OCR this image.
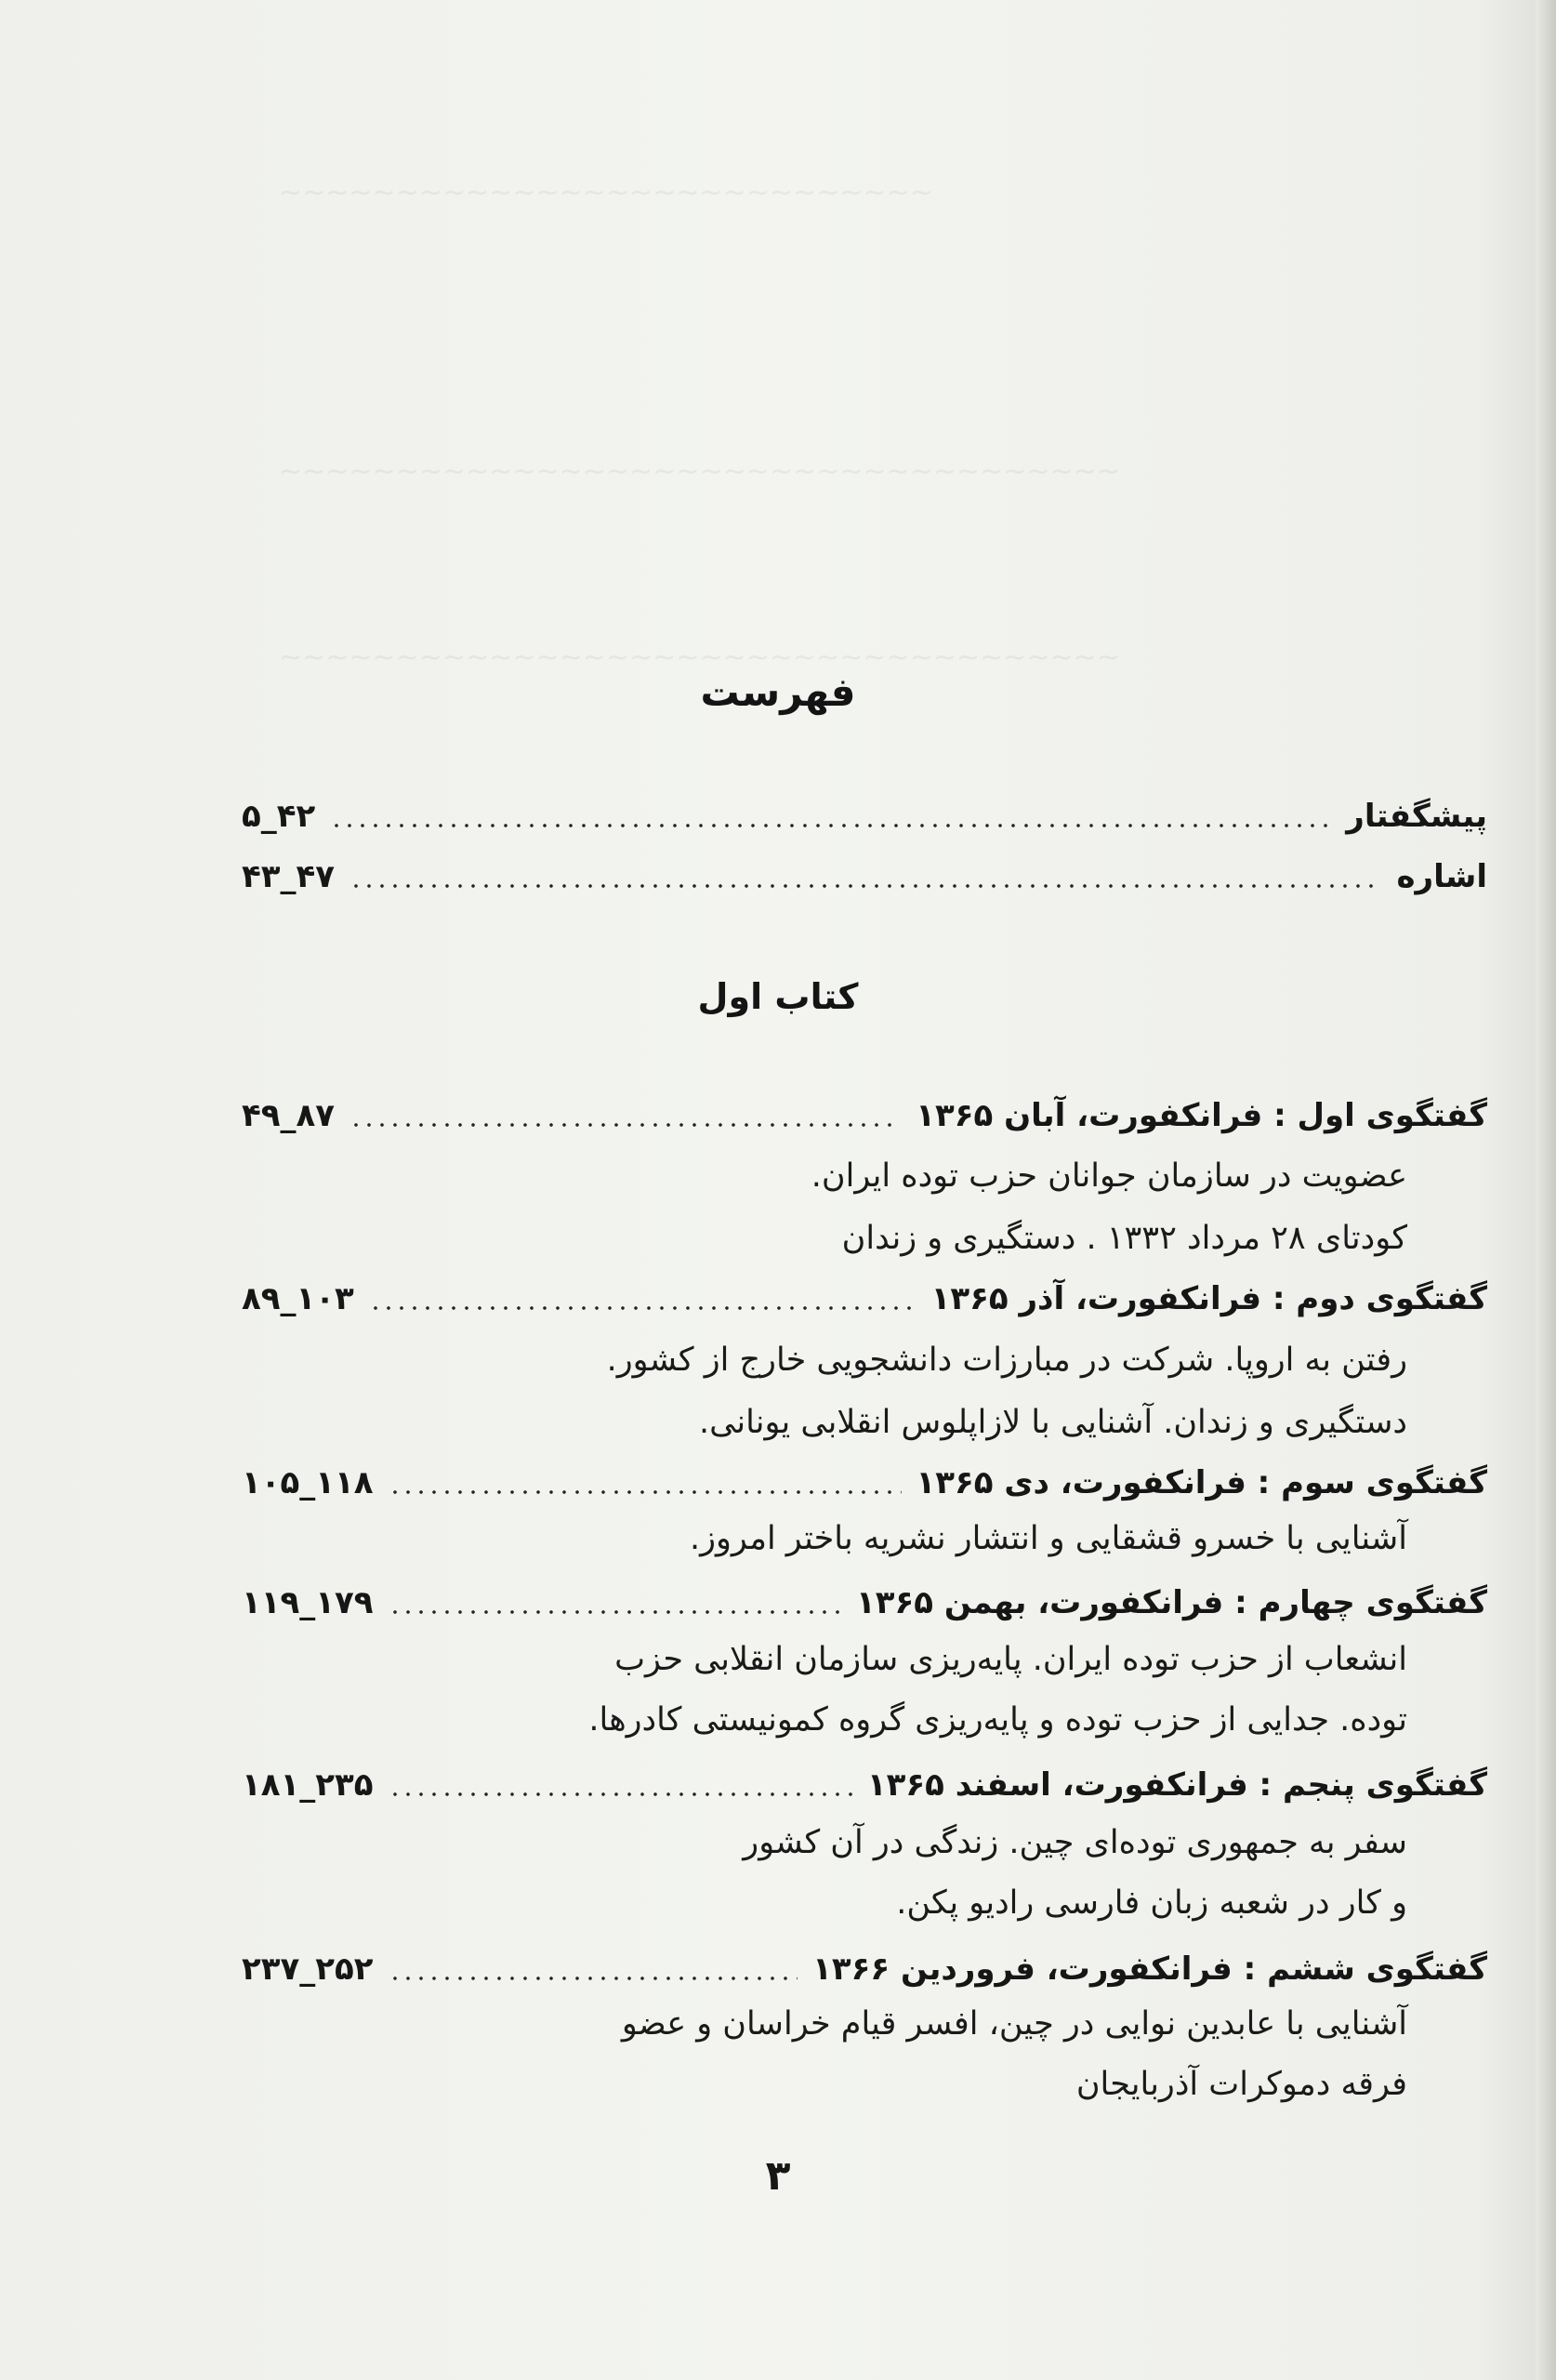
~~~~~~~~~~~~~~~~~~~~~~~~~~~~
~~~~~~~~~~~~~~~~~~~~~~~~~~~~~~~~~~~~
~~~~~~~~~~~~~~~~~~~~~~~~~~~~~~~~~~~~
فهرست
پیشگفتار
۵_۴۲
اشاره
۴۳_۴۷
کتاب اول
گفتگوی اول : فرانکفورت، آبان ۱۳۶۵
۴۹_۸۷
عضویت در سازمان جوانان حزب توده ایران.
کودتای ۲۸ مرداد ۱۳۳۲ . دستگیری و زندان
گفتگوی دوم : فرانکفورت، آذر ۱۳۶۵
۸۹_۱۰۳
رفتن به اروپا. شرکت در مبارزات دانشجویی خارج از کشور.
دستگیری و زندان. آشنایی با لازاپلوس انقلابی یونانی.
گفتگوی سوم : فرانکفورت، دی ۱۳۶۵
۱۰۵_۱۱۸
آشنایی با خسرو قشقایی و انتشار نشریه باختر امروز.
گفتگوی چهارم : فرانکفورت، بهمن ۱۳۶۵
۱۱۹_۱۷۹
انشعاب از حزب توده ایران. پایه‌ریزی سازمان انقلابی حزب
توده. جدایی از حزب توده و پایه‌ریزی گروه کمونیستی کادرها.
گفتگوی پنجم : فرانکفورت، اسفند ۱۳۶۵
۱۸۱_۲۳۵
سفر به جمهوری توده‌ای چین. زندگی در آن کشور
و کار در شعبه زبان فارسی رادیو پکن.
گفتگوی ششم : فرانکفورت، فروردین ۱۳۶۶
۲۳۷_۲۵۲
آشنایی با عابدین نوایی در چین، افسر قیام خراسان و عضو
فرقه دموکرات آذربایجان
۳
